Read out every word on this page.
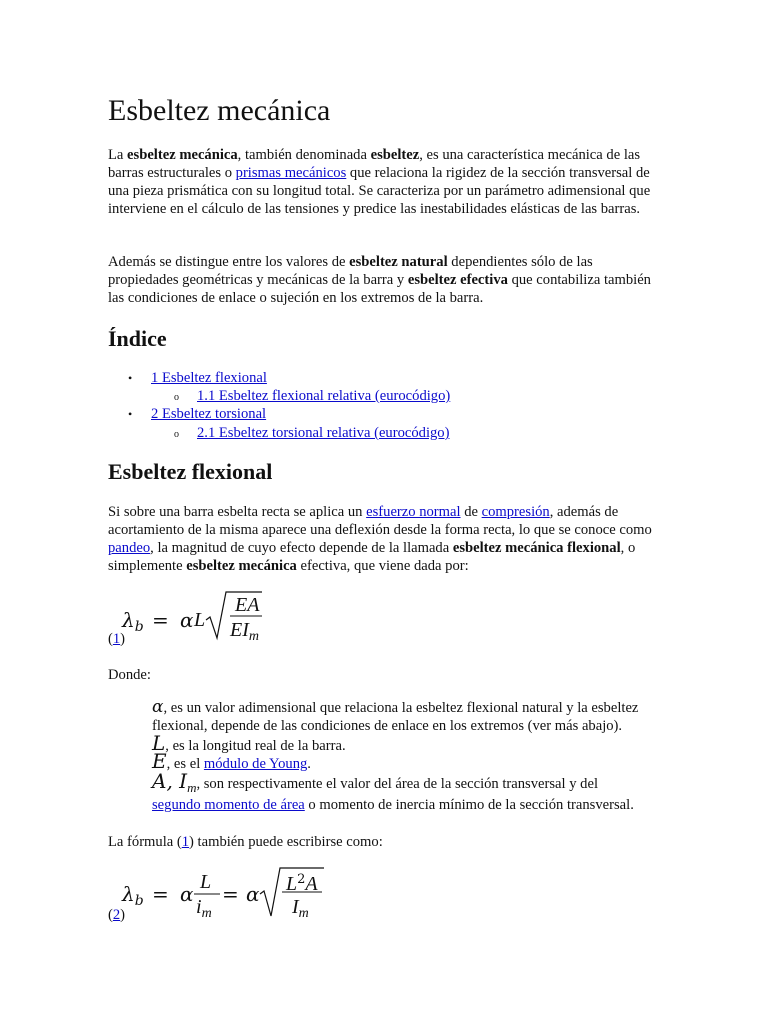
Esbeltez mecánica

La esbeltez mecánica, también denominada esbeltez, es una característica mecánica de las barras estructurales o prismas mecánicos que relaciona la rigidez de la sección transversal de una pieza prismática con su longitud total. Se caracteriza por un parámetro adimensional que interviene en el cálculo de las tensiones y predice las inestabilidades elásticas de las barras.

Además se distingue entre los valores de esbeltez natural dependientes sólo de las propiedades geométricas y mecánicas de la barra y esbeltez efectiva que contabiliza también las condiciones de enlace o sujeción en los extremos de la barra.

Índice
• 1 Esbeltez flexional
o 1.1 Esbeltez flexional relativa (eurocódigo)
• 2 Esbeltez torsional
o 2.1 Esbeltez torsional relativa (eurocódigo)
Esbeltez flexional

Si sobre una barra esbelta recta se aplica un esfuerzo normal de compresión, además de acortamiento de la misma aparece una deflexión desde la forma recta, lo que se conoce como pandeo, la magnitud de cuyo efecto depende de la llamada esbeltez mecánica flexional, o simplemente esbeltez mecánica efectiva, que viene dada por:

$\lambda_b = \alpha$ L
EA
$EI_m$
(1)

Donde:

α, es un valor adimensional que relaciona la esbeltez flexional natural y la esbeltez
flexional, depende de las condiciones de enlace en los extremos (ver más abajo).
L, es la longitud real de la barra.
E, es el módulo de Young.
A, $I_m$, son respectivamente el valor del área de la sección transversal y del
segundo momento de área o momento de inercia mínimo de la sección transversal.

La fórmula (1) también puede escribirse como:

$\lambda_b = \alpha$ L
$i_m$
= α $L^2A$
$I_m$
(2)
